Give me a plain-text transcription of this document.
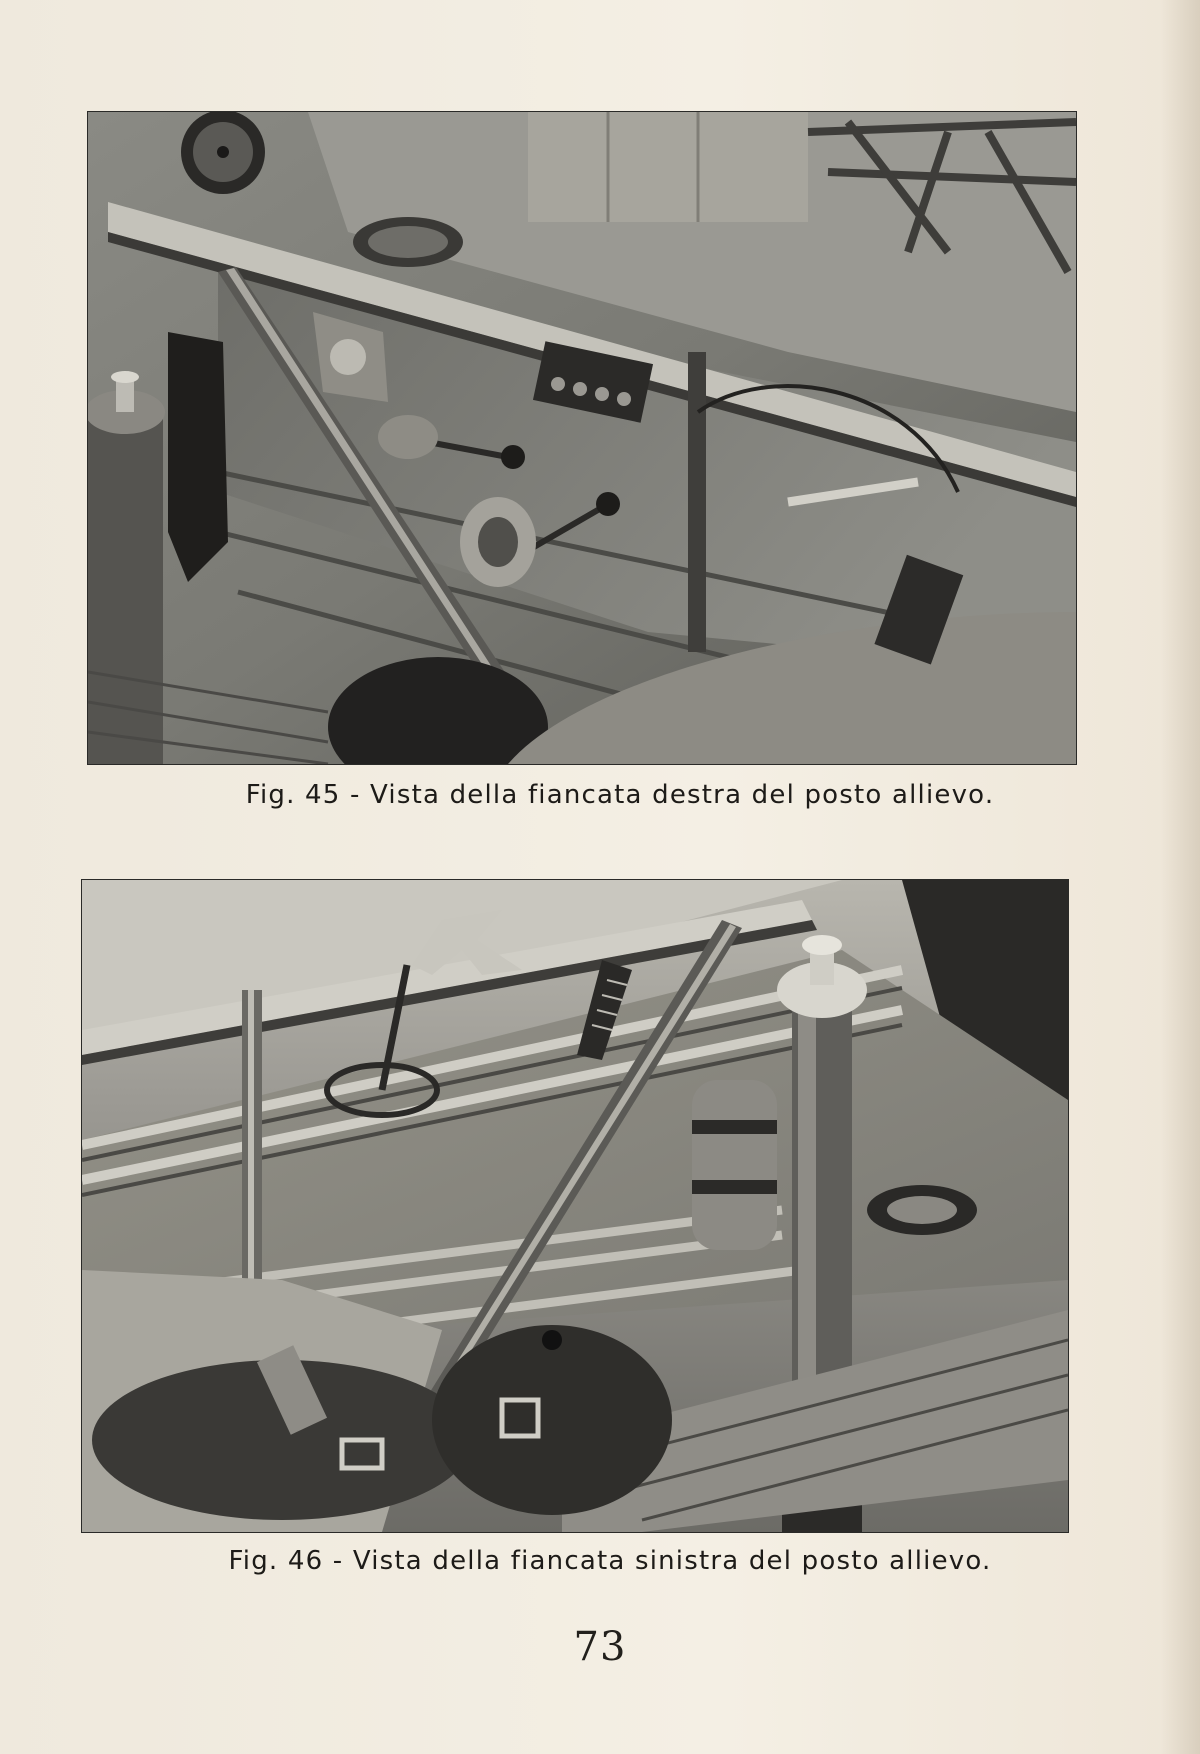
Fig. 45 - Vista della fiancata destra del posto allievo.
Fig. 46 - Vista della fiancata sinistra del posto allievo.
73
